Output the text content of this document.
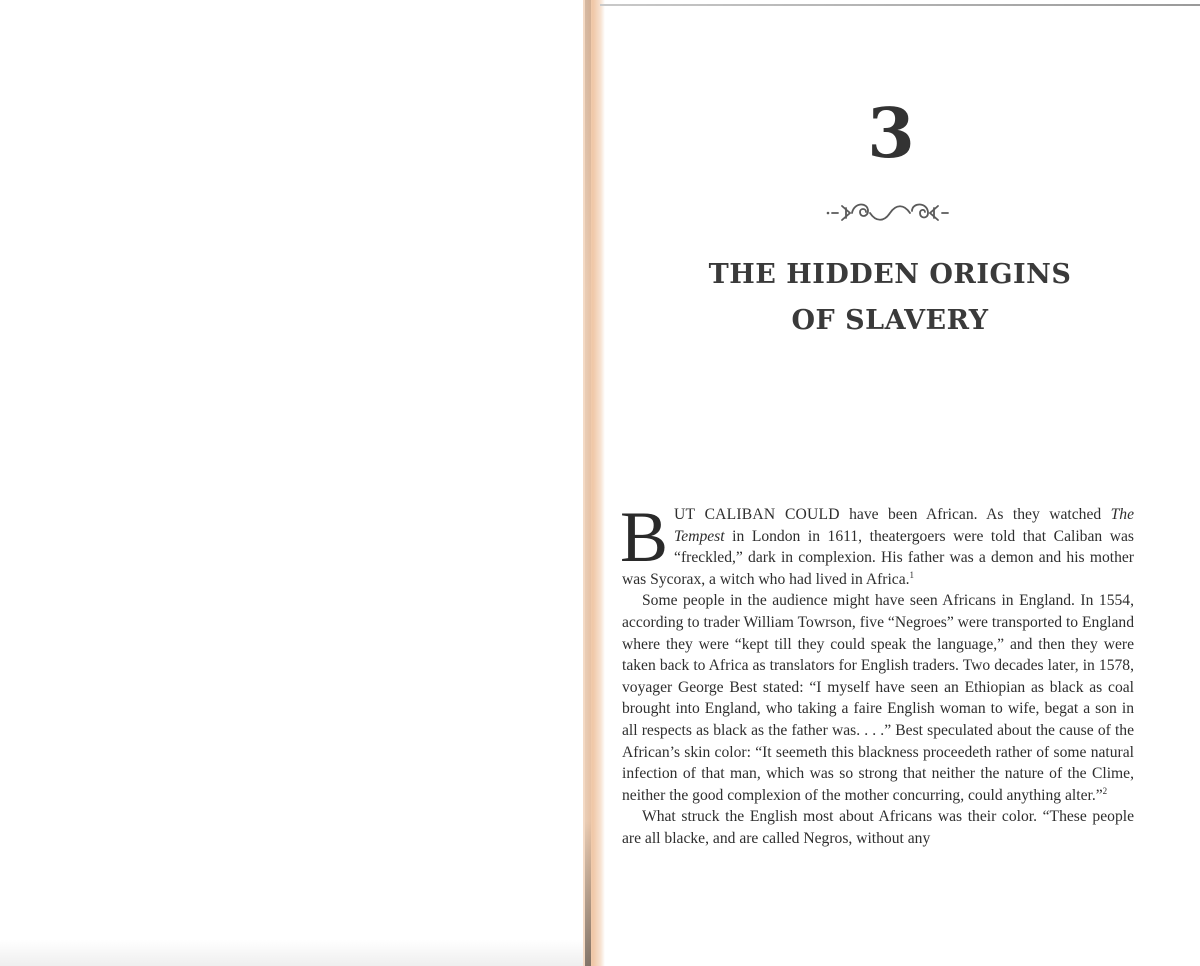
3
THE HIDDEN ORIGINS
OF SLAVERY

BUT CALIBAN COULD have been African. As they watched The Tempest in London in 1611, theatergoers were told that Caliban was “freckled,” dark in complexion. His father was a demon and his mother was Sycorax, a witch who had lived in Africa.$^1$

Some people in the audience might have seen Africans in England. In 1554, according to trader William Towrson, five “Negroes” were transported to England where they were “kept till they could speak the language,” and then they were taken back to Africa as translators for English traders. Two decades later, in 1578, voyager George Best stated: “I myself have seen an Ethiopian as black as coal brought into England, who taking a faire English woman to wife, begat a son in all respects as black as the father was. . . .” Best speculated about the cause of the African’s skin color: “It seemeth this blackness proceedeth rather of some natural infection of that man, which was so strong that neither the nature of the Clime, neither the good complexion of the mother concurring, could anything alter.”$^2$

What struck the English most about Africans was their color. “These people are all blacke, and are called Negros, without any
